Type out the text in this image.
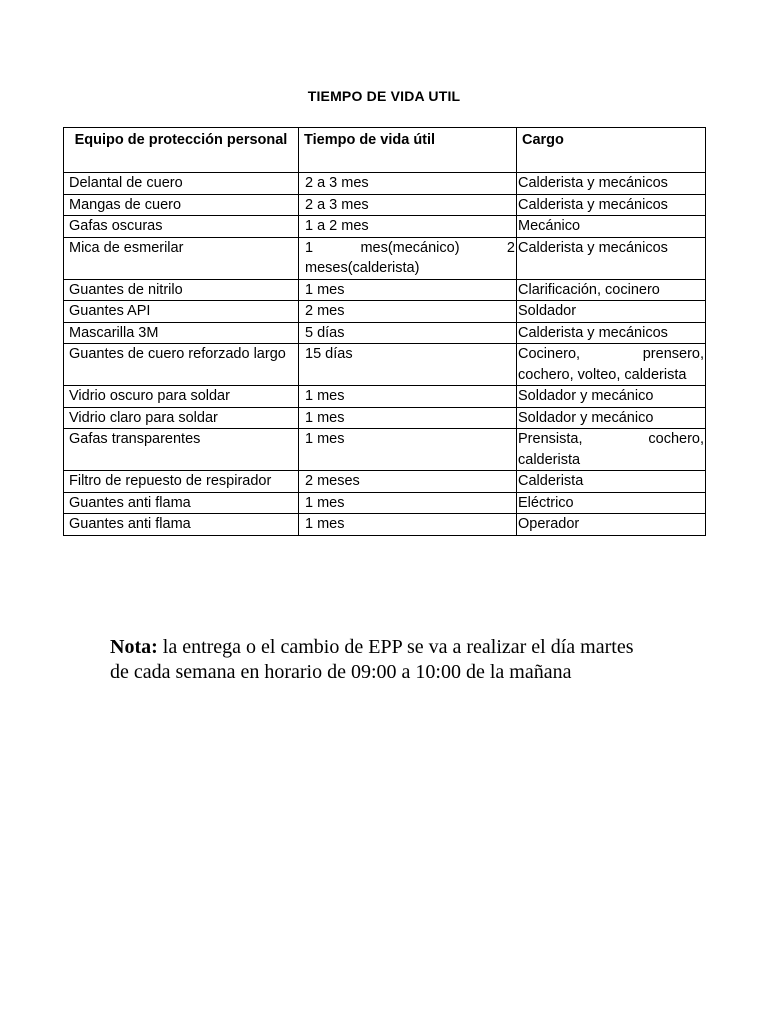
TIEMPO DE VIDA UTIL
Equipo de protección personal	Tiempo de vida útil	Cargo
Delantal de cuero	2 a 3 mes	Calderista y mecánicos
Mangas de cuero	2 a 3 mes	Calderista y mecánicos
Gafas oscuras	1 a 2 mes	Mecánico
Mica de esmerilar	1 mes(mecánico) 2 meses(calderista)	Calderista y mecánicos
Guantes de nitrilo	1 mes	Clarificación, cocinero
Guantes API	2 mes	Soldador
Mascarilla 3M	5 días	Calderista y mecánicos
Guantes de cuero reforzado largo	15 días	Cocinero, prensero, cochero, volteo, calderista
Vidrio oscuro para soldar	1 mes	Soldador y mecánico
Vidrio claro para soldar	1 mes	Soldador y mecánico
Gafas transparentes	1 mes	Prensista, cochero, calderista
Filtro de repuesto de respirador	2 meses	Calderista
Guantes anti flama	1 mes	Eléctrico
Guantes anti flama	1 mes	Operador
Nota: la entrega o el cambio de EPP se va a realizar el día martes de cada semana en horario de 09:00 a 10:00 de la mañana
